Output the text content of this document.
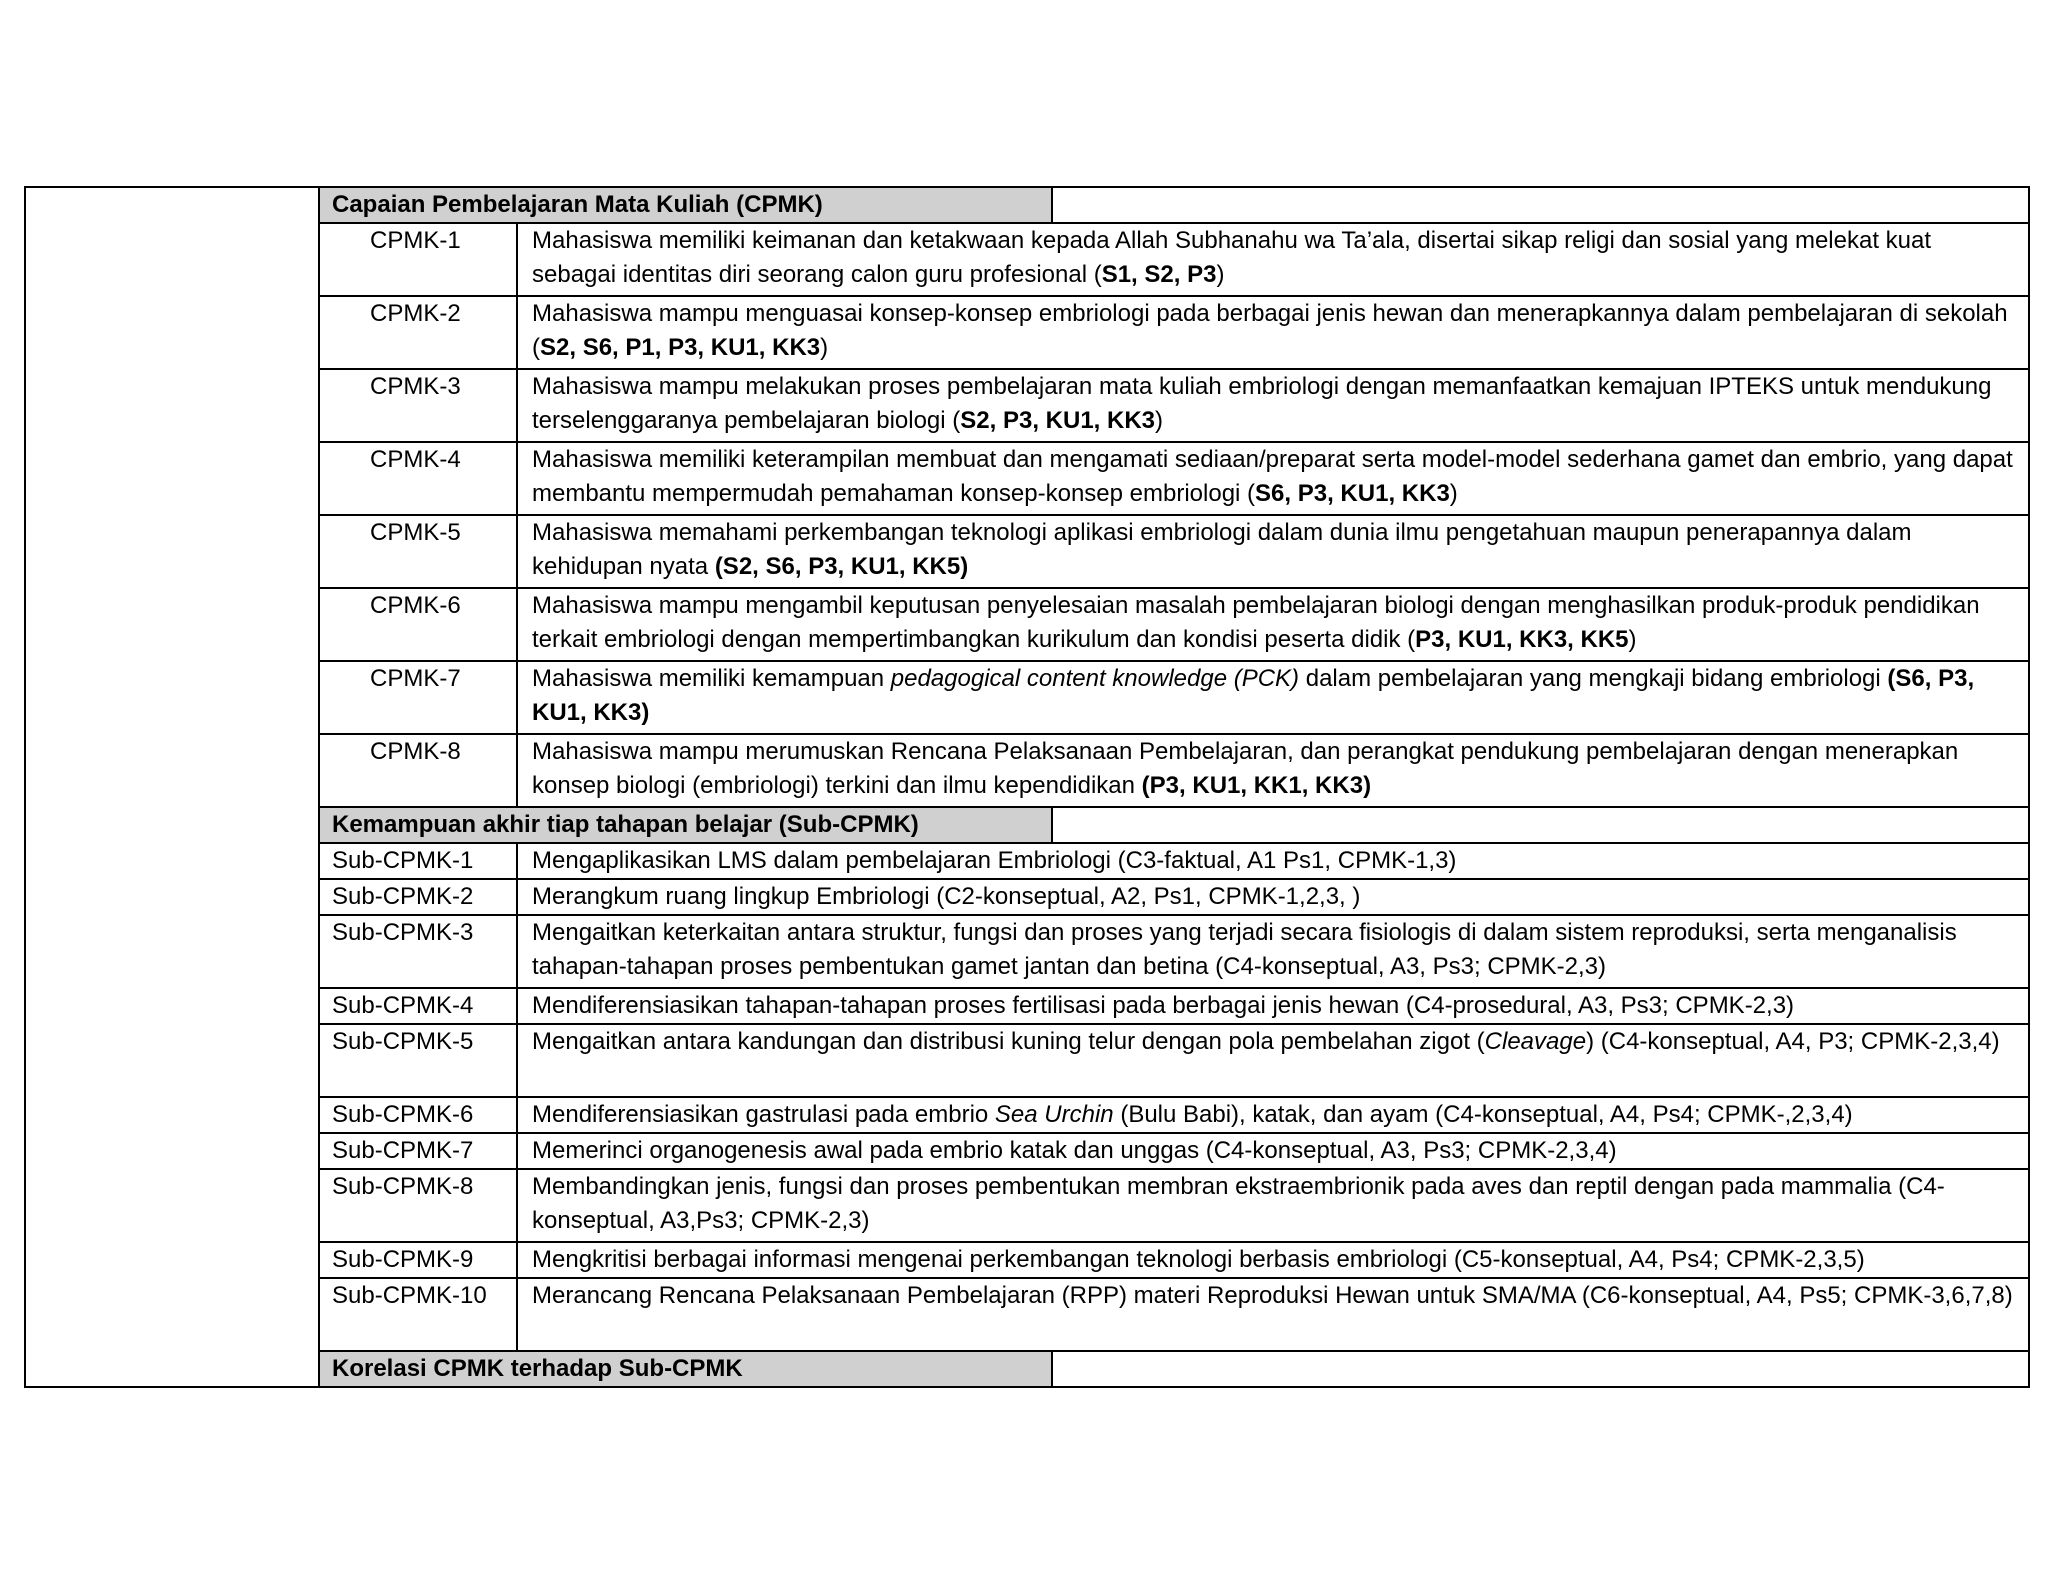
Capaian Pembelajaran Mata Kuliah (CPMK)
CPMK-1	Mahasiswa memiliki keimanan dan ketakwaan kepada Allah Subhanahu wa Ta’ala, disertai sikap religi dan sosial yang melekat kuat sebagai identitas diri seorang calon guru profesional (S1, S2, P3)
CPMK-2	Mahasiswa mampu menguasai konsep-konsep embriologi pada berbagai jenis hewan dan menerapkannya dalam pembelajaran di sekolah (S2, S6, P1, P3, KU1, KK3)
CPMK-3	Mahasiswa mampu melakukan proses pembelajaran mata kuliah embriologi dengan memanfaatkan kemajuan IPTEKS untuk mendukung terselenggaranya pembelajaran biologi (S2, P3, KU1, KK3)
CPMK-4	Mahasiswa memiliki keterampilan membuat dan mengamati sediaan/preparat serta model-model sederhana gamet dan embrio, yang dapat membantu mempermudah pemahaman konsep-konsep embriologi (S6, P3, KU1, KK3)
CPMK-5	Mahasiswa memahami perkembangan teknologi aplikasi embriologi dalam dunia ilmu pengetahuan maupun penerapannya dalam kehidupan nyata (S2, S6, P3, KU1, KK5)
CPMK-6	Mahasiswa mampu mengambil keputusan penyelesaian masalah pembelajaran biologi dengan menghasilkan produk-produk pendidikan terkait embriologi dengan mempertimbangkan kurikulum dan kondisi peserta didik (P3, KU1, KK3, KK5)
CPMK-7	Mahasiswa memiliki kemampuan pedagogical content knowledge (PCK) dalam pembelajaran yang mengkaji bidang embriologi (S6, P3, KU1, KK3)
CPMK-8	Mahasiswa mampu merumuskan Rencana Pelaksanaan Pembelajaran, dan perangkat pendukung pembelajaran dengan menerapkan konsep biologi (embriologi) terkini dan ilmu kependidikan (P3, KU1, KK1, KK3)
Kemampuan akhir tiap tahapan belajar (Sub-CPMK)
Sub-CPMK-1	Mengaplikasikan LMS dalam pembelajaran Embriologi (C3-faktual, A1 Ps1, CPMK-1,3)
Sub-CPMK-2	Merangkum ruang lingkup Embriologi (C2-konseptual, A2, Ps1, CPMK-1,2,3, )
Sub-CPMK-3	Mengaitkan keterkaitan antara struktur, fungsi dan proses yang terjadi secara fisiologis di dalam sistem reproduksi, serta menganalisis tahapan-tahapan proses pembentukan gamet jantan dan betina (C4-konseptual, A3, Ps3; CPMK-2,3)
Sub-CPMK-4	Mendiferensiasikan tahapan-tahapan proses fertilisasi pada berbagai jenis hewan (C4-prosedural, A3, Ps3; CPMK-2,3)
Sub-CPMK-5	Mengaitkan antara kandungan dan distribusi kuning telur dengan pola pembelahan zigot (Cleavage) (C4-konseptual, A4, P3; CPMK-2,3,4)
Sub-CPMK-6	Mendiferensiasikan gastrulasi pada embrio Sea Urchin (Bulu Babi), katak, dan ayam (C4-konseptual, A4, Ps4; CPMK-,2,3,4)
Sub-CPMK-7	Memerinci organogenesis awal pada embrio katak dan unggas (C4-konseptual, A3, Ps3; CPMK-2,3,4)
Sub-CPMK-8	Membandingkan jenis, fungsi dan proses pembentukan membran ekstraembrionik pada aves dan reptil dengan pada mammalia (C4-konseptual, A3,Ps3; CPMK-2,3)
Sub-CPMK-9	Mengkritisi berbagai informasi mengenai perkembangan teknologi berbasis embriologi (C5-konseptual, A4, Ps4; CPMK-2,3,5)
Sub-CPMK-10	Merancang Rencana Pelaksanaan Pembelajaran (RPP) materi Reproduksi Hewan untuk SMA/MA (C6-konseptual, A4, Ps5; CPMK-3,6,7,8)
Korelasi CPMK terhadap Sub-CPMK
